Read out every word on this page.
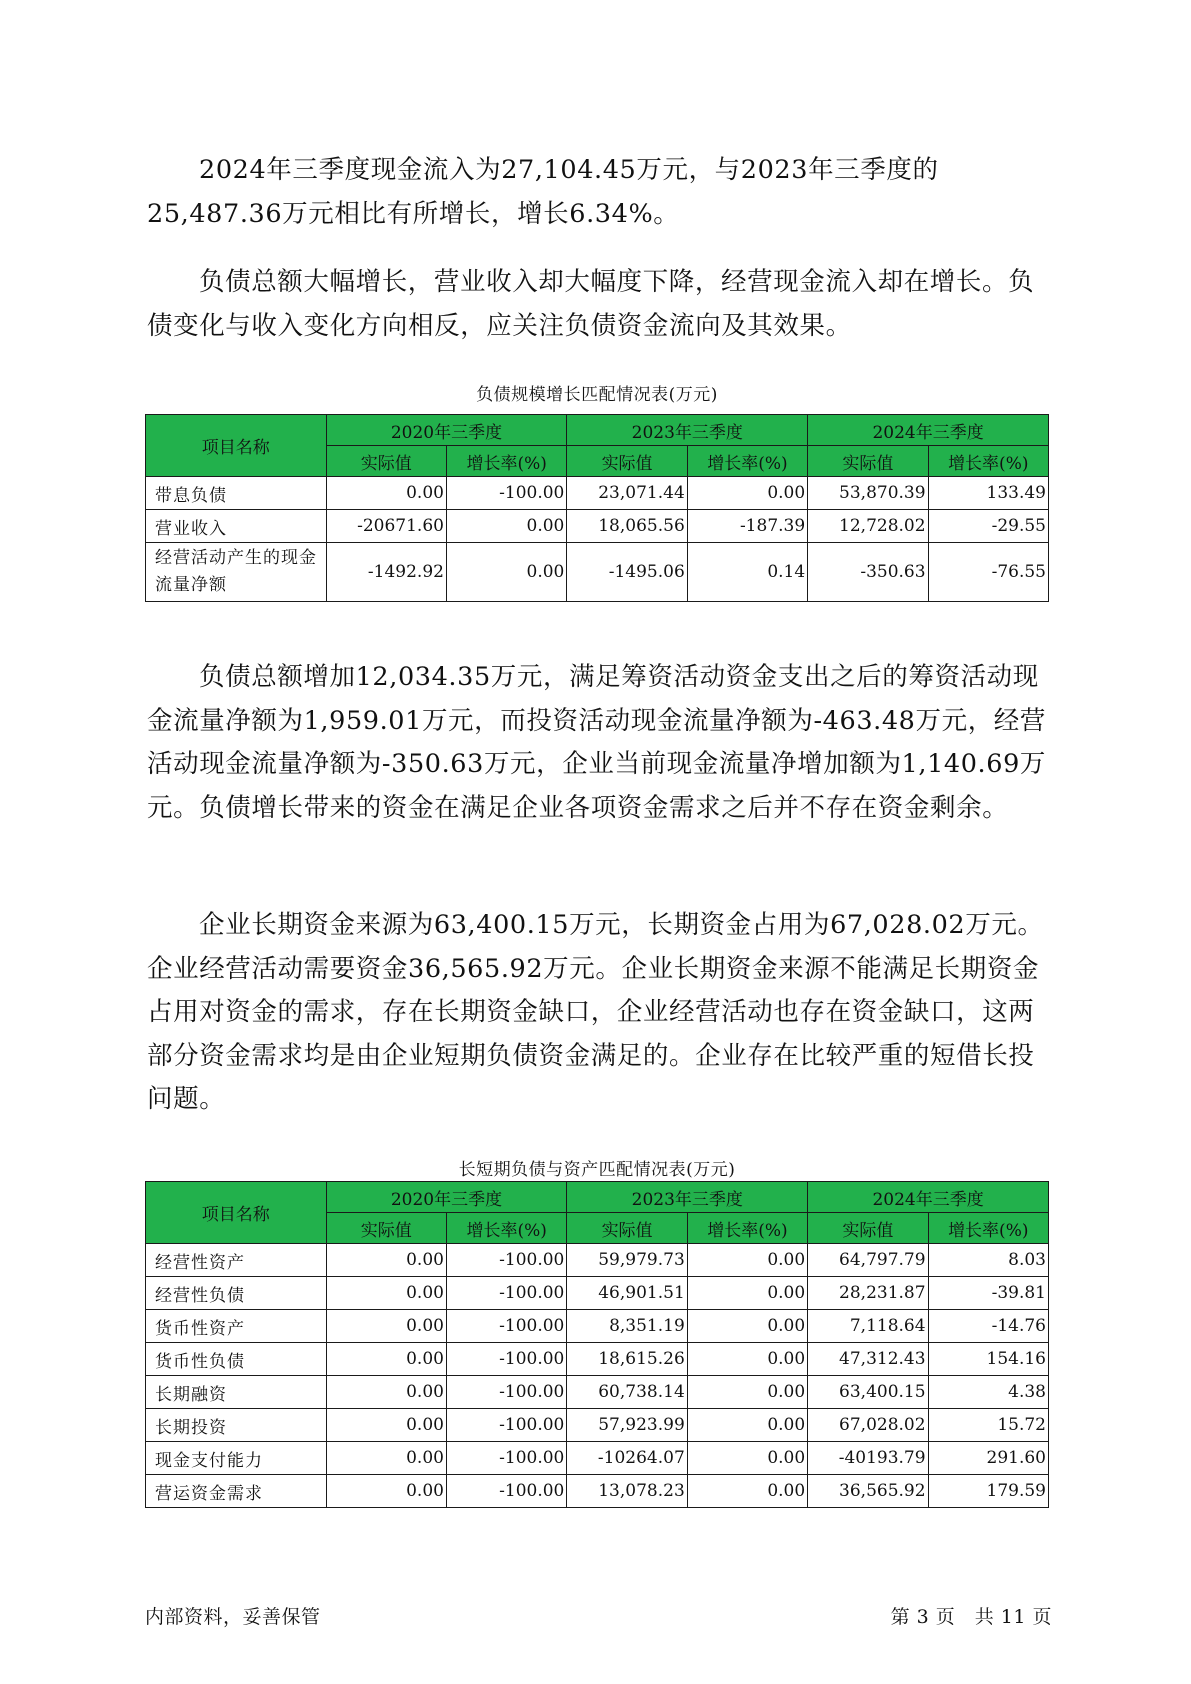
2024年三季度现金流入为27,104.45万元，与2023年三季度的25,487.36万元相比有所增长，增长6.34%。

负债总额大幅增长，营业收入却大幅度下降，经营现金流入却在增长。负债变化与收入变化方向相反，应关注负债资金流向及其效果。

负债规模增长匹配情况表(万元)
项目名称	2020年三季度		2023年三季度		2024年三季度	
	实际值	增长率(%)	实际值	增长率(%)	实际值	增长率(%)
带息负债	0.00	-100.00	23,071.44	0.00	53,870.39	133.49
营业收入	-20671.60	0.00	18,065.56	-187.39	12,728.02	-29.55
经营活动产生的现金流量净额	-1492.92	0.00	-1495.06	0.14	-350.63	-76.55

负债总额增加12,034.35万元，满足筹资活动资金支出之后的筹资活动现金流量净额为1,959.01万元，而投资活动现金流量净额为-463.48万元，经营活动现金流量净额为-350.63万元，企业当前现金流量净增加额为1,140.69万元。负债增长带来的资金在满足企业各项资金需求之后并不存在资金剩余。

企业长期资金来源为63,400.15万元，长期资金占用为67,028.02万元。企业经营活动需要资金36,565.92万元。企业长期资金来源不能满足长期资金占用对资金的需求，存在长期资金缺口，企业经营活动也存在资金缺口，这两部分资金需求均是由企业短期负债资金满足的。企业存在比较严重的短借长投问题。

长短期负债与资产匹配情况表(万元)
项目名称	2020年三季度		2023年三季度		2024年三季度	
	实际值	增长率(%)	实际值	增长率(%)	实际值	增长率(%)
经营性资产	0.00	-100.00	59,979.73	0.00	64,797.79	8.03
经营性负债	0.00	-100.00	46,901.51	0.00	28,231.87	-39.81
货币性资产	0.00	-100.00	8,351.19	0.00	7,118.64	-14.76
货币性负债	0.00	-100.00	18,615.26	0.00	47,312.43	154.16
长期融资	0.00	-100.00	60,738.14	0.00	63,400.15	4.38
长期投资	0.00	-100.00	57,923.99	0.00	67,028.02	15.72
现金支付能力	0.00	-100.00	-10264.07	0.00	-40193.79	291.60
营运资金需求	0.00	-100.00	13,078.23	0.00	36,565.92	179.59
内部资料，妥善保管	第 3 页　共 11 页
